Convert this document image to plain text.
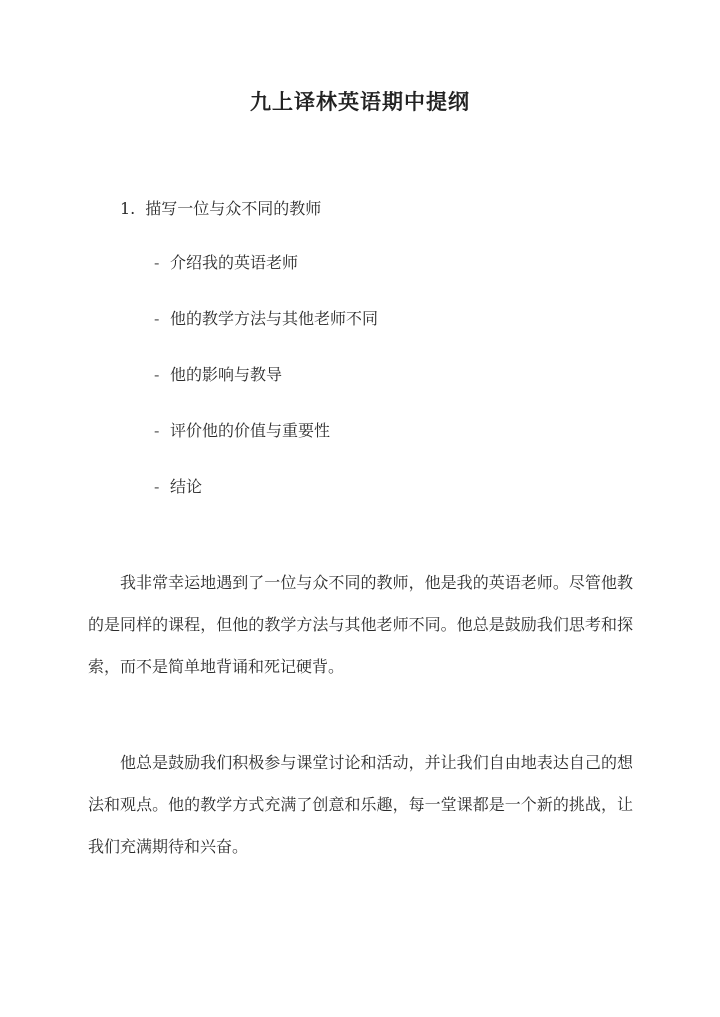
九上译林英语期中提纲
1. 描写一位与众不同的教师
- 介绍我的英语老师
- 他的教学方法与其他老师不同
- 他的影响与教导
- 评价他的价值与重要性
- 结论

我非常幸运地遇到了一位与众不同的教师，他是我的英语老师。尽管他教的是同样的课程，但他的教学方法与其他老师不同。他总是鼓励我们思考和探索，而不是简单地背诵和死记硬背。

他总是鼓励我们积极参与课堂讨论和活动，并让我们自由地表达自己的想法和观点。他的教学方式充满了创意和乐趣，每一堂课都是一个新的挑战，让我们充满期待和兴奋。
